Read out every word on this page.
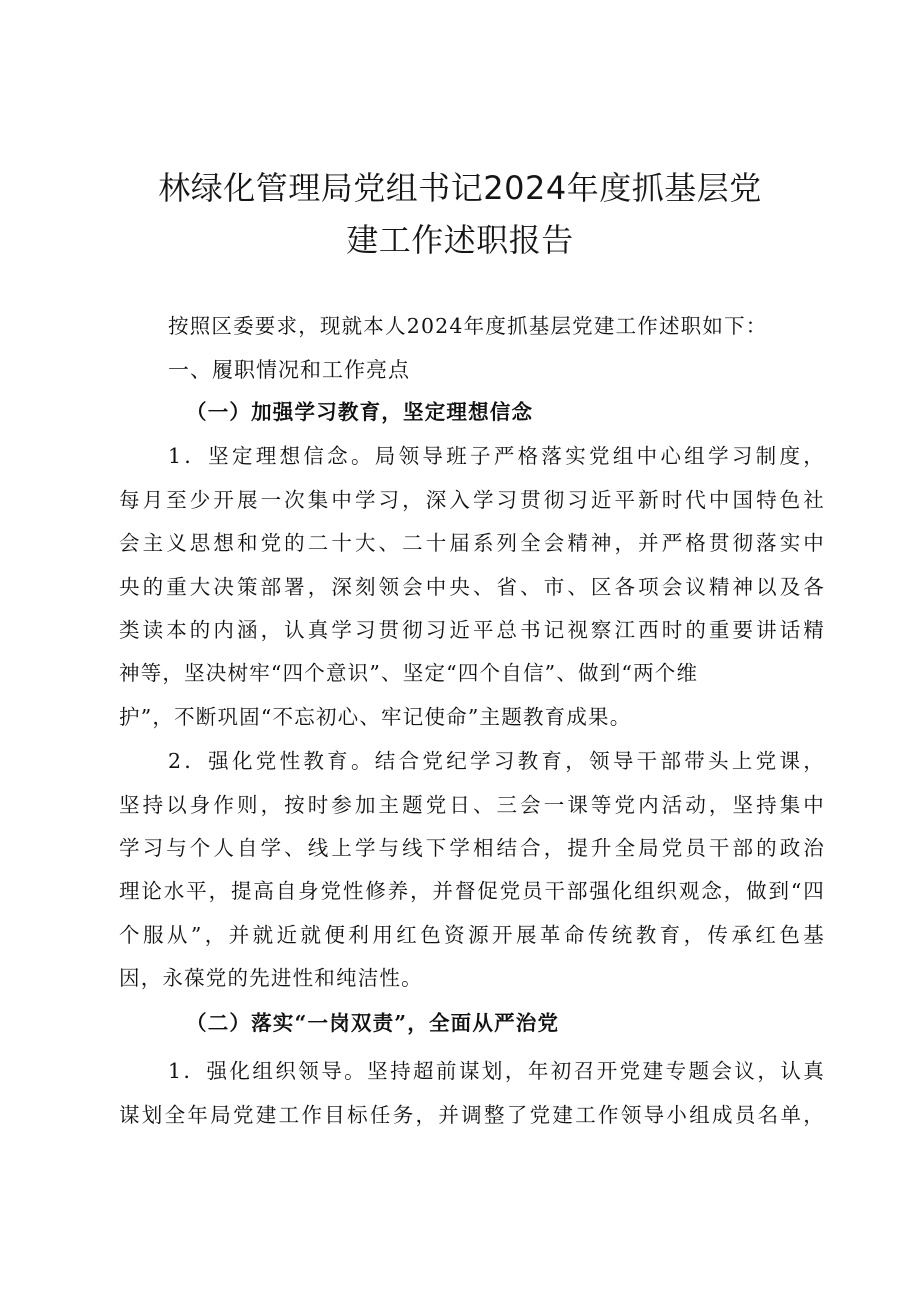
林绿化管理局党组书记2024年度抓基层党
建工作述职报告
按照区委要求，现就本人2024年度抓基层党建工作述职如下：
一、履职情况和工作亮点
（一）加强学习教育，坚定理想信念
1．坚定理想信念。局领导班子严格落实党组中心组学习制度，
每月至少开展一次集中学习，深入学习贯彻习近平新时代中国特色社
会主义思想和党的二十大、二十届系列全会精神，并严格贯彻落实中
央的重大决策部署，深刻领会中央、省、市、区各项会议精神以及各
类读本的内涵，认真学习贯彻习近平总书记视察江西时的重要讲话精
神等，坚决树牢“四个意识”、坚定“四个自信”、做到“两个维
护”，不断巩固“不忘初心、牢记使命”主题教育成果。
2．强化党性教育。结合党纪学习教育，领导干部带头上党课，
坚持以身作则，按时参加主题党日、三会一课等党内活动，坚持集中
学习与个人自学、线上学与线下学相结合，提升全局党员干部的政治
理论水平，提高自身党性修养，并督促党员干部强化组织观念，做到“四
个服从”，并就近就便利用红色资源开展革命传统教育，传承红色基
因，永葆党的先进性和纯洁性。
（二）落实“一岗双责”，全面从严治党
1．强化组织领导。坚持超前谋划，年初召开党建专题会议，认真
谋划全年局党建工作目标任务，并调整了党建工作领导小组成员名单，
